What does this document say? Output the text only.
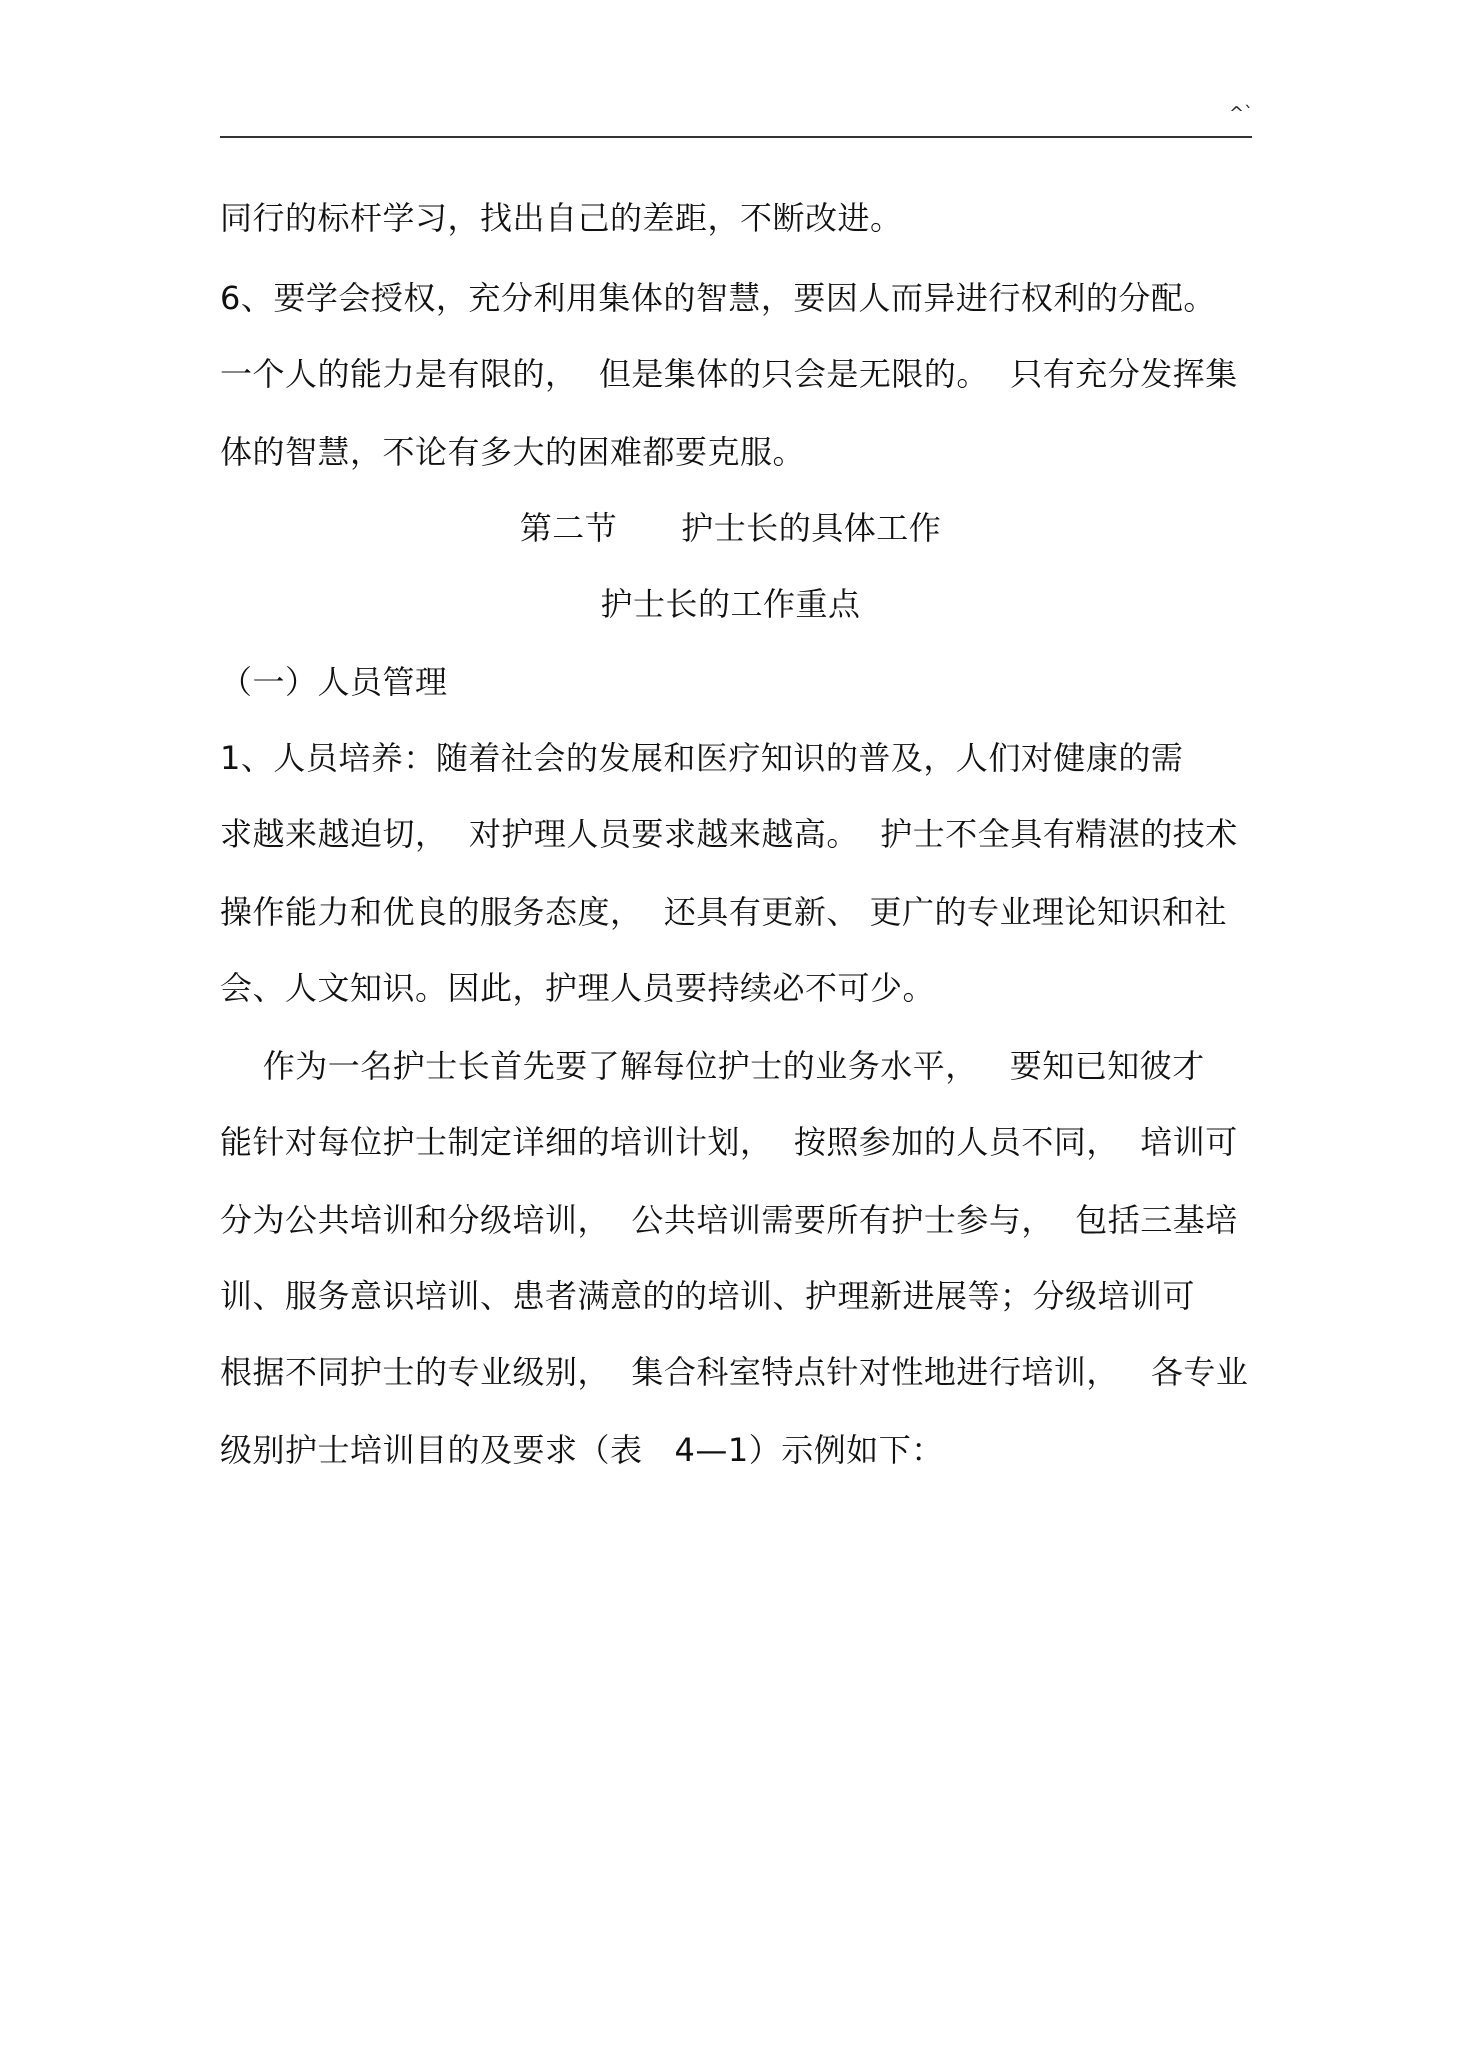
^`
同行的标杆学习，找出自己的差距，不断改进。
6、要学会授权，充分利用集体的智慧，要因人而异进行权利的分配。
一个人的能力是有限的，  但是集体的只会是无限的。  只有充分发挥集
体的智慧，不论有多大的困难都要克服。
第二节      护士长的具体工作
护士长的工作重点
（一）人员管理
1、人员培养：随着社会的发展和医疗知识的普及，人们对健康的需
求越来越迫切，  对护理人员要求越来越高。  护士不全具有精湛的技术
操作能力和优良的服务态度，  还具有更新、 更广的专业理论知识和社
会、人文知识。因此，护理人员要持续必不可少。
作为一名护士长首先要了解每位护士的业务水平，   要知已知彼才
能针对每位护士制定详细的培训计划，  按照参加的人员不同，  培训可
分为公共培训和分级培训，  公共培训需要所有护士参与，  包括三基培
训、服务意识培训、患者满意的的培训、护理新进展等；分级培训可
根据不同护士的专业级别，  集合科室特点针对性地进行培训，   各专业
级别护士培训目的及要求（表   4—1）示例如下：
